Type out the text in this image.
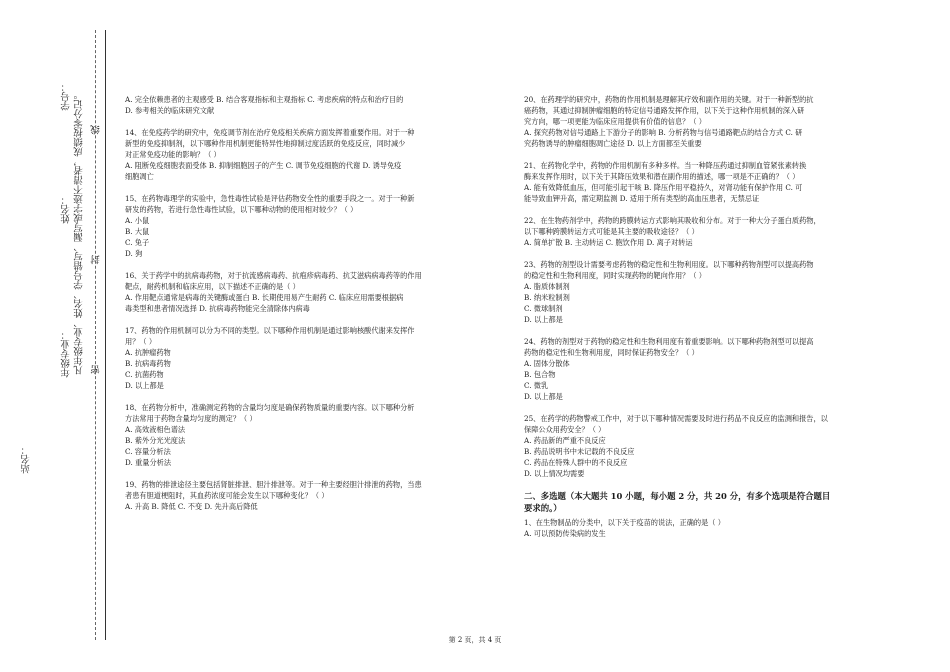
学号：
姓名：
年级专业：
站名：
凡年级专业、姓名、学号错写、漏写或字迹不清者，成绩按零分记。 线
封
密

A. 完全依赖患者的主观感受 B. 结合客观指标和主观指标 C. 考虑疾病的特点和治疗目的

D. 参考相关的临床研究文献

14、在免疫药学的研究中，免疫调节剂在治疗免疫相关疾病方面发挥着重要作用。对于一种

新型的免疫抑制剂，以下哪种作用机制更能特异性地抑制过度活跃的免疫反应，同时减少

对正常免疫功能的影响？（ ）

A. 阻断免疫细胞表面受体 B. 抑制细胞因子的产生 C. 调节免疫细胞的代谢 D. 诱导免疫

细胞凋亡

15、在药物毒理学的实验中，急性毒性试验是评估药物安全性的重要手段之一。对于一种新

研发的药物，若进行急性毒性试验，以下哪种动物的使用相对较少？（ ）

A. 小鼠

B. 大鼠

C. 兔子

D. 狗

16、关于药学中的抗病毒药物，对于抗流感病毒药、抗疱疹病毒药、抗艾滋病病毒药等的作用

靶点，耐药机制和临床应用，以下描述不正确的是（ ）

A. 作用靶点通常是病毒的关键酶或蛋白 B. 长期使用易产生耐药 C. 临床应用需要根据病

毒类型和患者情况选择 D. 抗病毒药物能完全清除体内病毒

17、药物的作用机制可以分为不同的类型。以下哪种作用机制是通过影响核酸代谢来发挥作

用？（ ）

A. 抗肿瘤药物

B. 抗病毒药物

C. 抗菌药物

D. 以上都是

18、在药物分析中，准确测定药物的含量均匀度是确保药物质量的重要内容。以下哪种分析

方法常用于药物含量均匀度的测定？（ ）

A. 高效液相色谱法

B. 紫外分光光度法

C. 容量分析法

D. 重量分析法

19、药物的排泄途径主要包括肾脏排泄、胆汁排泄等。对于一种主要经胆汁排泄的药物，当患

者患有胆道梗阻时，其血药浓度可能会发生以下哪种变化？（ ）

A. 升高 B. 降低 C. 不变 D. 先升高后降低

20、在药理学的研究中，药物的作用机制是理解其疗效和副作用的关键。对于一种新型的抗

癌药物，其通过抑制肿瘤细胞的特定信号通路发挥作用，以下关于这种作用机制的深入研

究方向，哪一项更能为临床应用提供有价值的信息？（ ）

A. 探究药物对信号通路上下游分子的影响 B. 分析药物与信号通路靶点的结合方式 C. 研

究药物诱导的肿瘤细胞凋亡途径 D. 以上方面都至关重要

21、在药物化学中，药物的作用机制有多种多样。当一种降压药通过抑制血管紧张素转换

酶来发挥作用时，以下关于其降压效果和潜在副作用的描述，哪一项是不正确的？（ ）

A. 能有效降低血压，但可能引起干咳 B. 降压作用平稳持久，对肾功能有保护作用 C. 可

能导致血钾升高，需定期监测 D. 适用于所有类型的高血压患者，无禁忌证

22、在生物药剂学中，药物的跨膜转运方式影响其吸收和分布。对于一种大分子蛋白质药物，

以下哪种跨膜转运方式可能是其主要的吸收途径？（ ）

A. 简单扩散 B. 主动转运 C. 胞饮作用 D. 离子对转运

23、药物的剂型设计需要考虑药物的稳定性和生物利用度。以下哪种药物剂型可以提高药物

的稳定性和生物利用度，同时实现药物的靶向作用？（ ）

A. 脂质体制剂

B. 纳米粒制剂

C. 微球制剂

D. 以上都是

24、药物的剂型对于药物的稳定性和生物利用度有着重要影响。以下哪种药物剂型可以提高

药物的稳定性和生物利用度，同时保证药物安全？（ ）

A. 固体分散体

B. 包合物

C. 微乳

D. 以上都是

25、在药学的药物警戒工作中，对于以下哪种情况需要及时进行药品不良反应的监测和报告，以

保障公众用药安全？（ ）

A. 药品新的严重不良反应

B. 药品说明书中未记载的不良反应

C. 药品在特殊人群中的不良反应

D. 以上情况均需要

二、多选题（本大题共 10 小题，每小题 2 分，共 20 分，有多个选项是符合题目

要求的。）

1、在生物制品的分类中，以下关于疫苗的说法，正确的是（ ）

A. 可以预防传染病的发生

第 2 页，共 4 页
